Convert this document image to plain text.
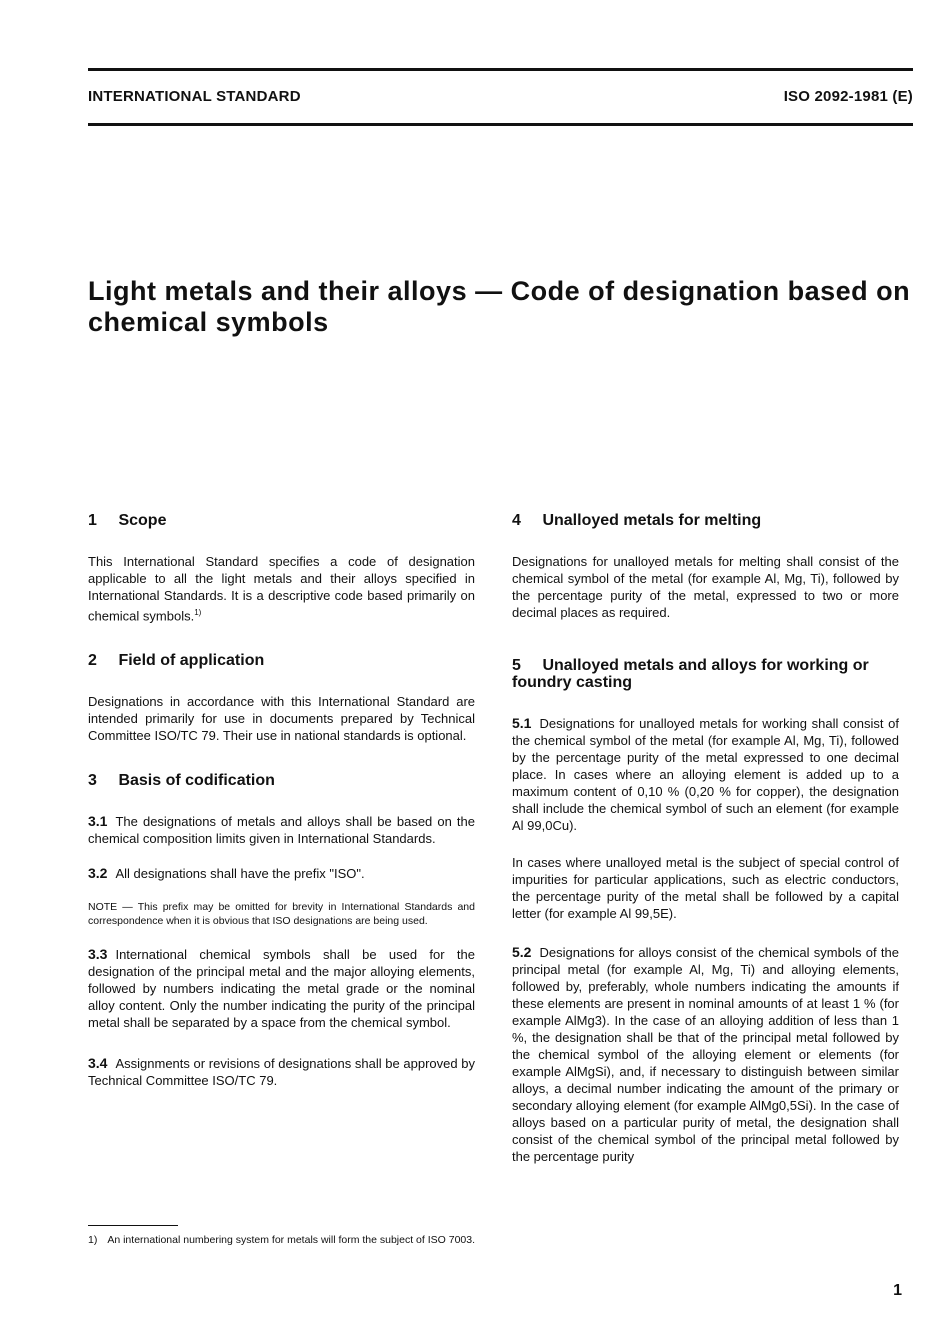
INTERNATIONAL STANDARD	ISO 2092-1981 (E)
Light metals and their alloys — Code of designation based on chemical symbols
1 Scope

This International Standard specifies a code of designation applicable to all the light metals and their alloys specified in International Standards. It is a descriptive code based primarily on chemical symbols.$^{1)}$

2 Field of application

Designations in accordance with this International Standard are intended primarily for use in documents prepared by Technical Committee ISO/TC 79. Their use in national standards is optional.

3 Basis of codification

3.1 The designations of metals and alloys shall be based on the chemical composition limits given in International Standards.

3.2 All designations shall have the prefix "ISO".

NOTE — This prefix may be omitted for brevity in International Standards and correspondence when it is obvious that ISO designations are being used.

3.3 International chemical symbols shall be used for the designation of the principal metal and the major alloying elements, followed by numbers indicating the metal grade or the nominal alloy content. Only the number indicating the purity of the principal metal shall be separated by a space from the chemical symbol.

3.4 Assignments or revisions of designations shall be approved by Technical Committee ISO/TC 79.

4 Unalloyed metals for melting

Designations for unalloyed metals for melting shall consist of the chemical symbol of the metal (for example Al, Mg, Ti), followed by the percentage purity of the metal, expressed to two or more decimal places as required.

5 Unalloyed metals and alloys for working or foundry casting

5.1 Designations for unalloyed metals for working shall consist of the chemical symbol of the metal (for example Al, Mg, Ti), followed by the percentage purity of the metal expressed to one decimal place. In cases where an alloying element is added up to a maximum content of 0,10 % (0,20 % for copper), the designation shall include the chemical symbol of such an element (for example Al 99,0Cu).

In cases where unalloyed metal is the subject of special control of impurities for particular applications, such as electric conductors, the percentage purity of the metal shall be followed by a capital letter (for example Al 99,5E).

5.2 Designations for alloys consist of the chemical symbols of the principal metal (for example Al, Mg, Ti) and alloying elements, followed by, preferably, whole numbers indicating the amounts if these elements are present in nominal amounts of at least 1 % (for example AlMg3). In the case of an alloying addition of less than 1 %, the designation shall be that of the principal metal followed by the chemical symbol of the alloying element or elements (for example AlMgSi), and, if necessary to distinguish between similar alloys, a decimal number indicating the amount of the primary or secondary alloying element (for example AlMg0,5Si). In the case of alloys based on a particular purity of metal, the designation shall consist of the chemical symbol of the principal metal followed by the percentage purity

1) An international numbering system for metals will form the subject of ISO 7003.
1
